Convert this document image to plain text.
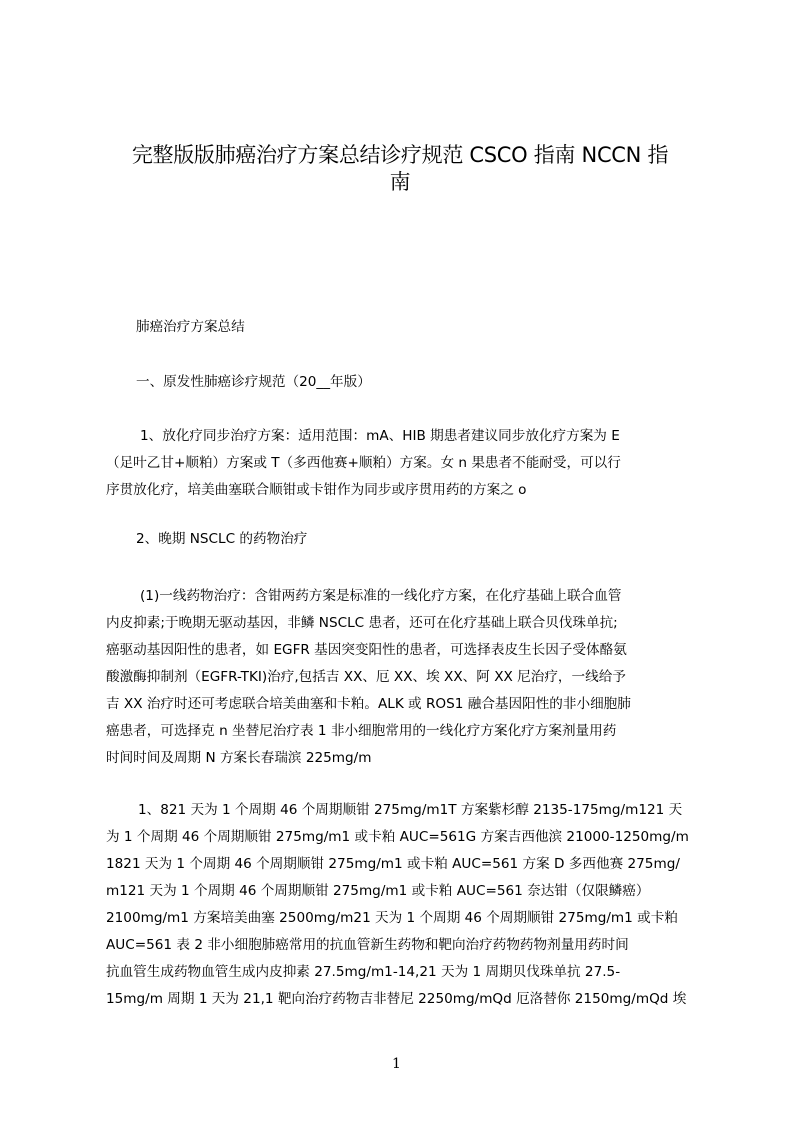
完整版版肺癌治疗方案总结诊疗规范 CSCO 指南 NCCN 指
南
肺癌治疗方案总结
一、原发性肺癌诊疗规范（20__年版）
1、放化疗同步治疗方案：适用范围：mA、HIB 期患者建议同步放化疗方案为 E
（足叶乙甘+顺粕）方案或 T（多西他赛+顺粕）方案。女 n 果患者不能耐受，可以行
序贯放化疗，培美曲塞联合顺钳或卡钳作为同步或序贯用药的方案之 o
2、晚期 NSCLC 的药物治疗
(1)一线药物治疗：含钳两药方案是标准的一线化疗方案，在化疗基础上联合血管
内皮抑素;于晚期无驱动基因，非鳞 NSCLC 患者，还可在化疗基础上联合贝伐珠单抗;
癌驱动基因阳性的患者，如 EGFR 基因突变阳性的患者，可选择表皮生长因子受体酪氨
酸激酶抑制剂（EGFR-TKI)治疗,包括吉 XX、厄 XX、埃 XX、阿 XX 尼治疗，一线给予
吉 XX 治疗时还可考虑联合培美曲塞和卡粕。ALK 或 ROS1 融合基因阳性的非小细胞肺
癌患者，可选择克 n 坐替尼治疗表 1 非小细胞常用的一线化疗方案化疗方案剂量用药
时间时间及周期 N 方案长春瑞滨 225mg/m
1、821 天为 1 个周期 46 个周期顺钳 275mg/m1T 方案紫杉醇 2135-175mg/m121 天
为 1 个周期 46 个周期顺钳 275mg/m1 或卡粕 AUC=561G 方案吉西他滨 21000-1250mg/m
1821 天为 1 个周期 46 个周期顺钳 275mg/m1 或卡粕 AUC=561 方案 D 多西他赛 275mg/
m121 天为 1 个周期 46 个周期顺钳 275mg/m1 或卡粕 AUC=561 奈达钳（仅限鳞癌）
2100mg/m1 方案培美曲塞 2500mg/m21 天为 1 个周期 46 个周期顺钳 275mg/m1 或卡粕
AUC=561 表 2 非小细胞肺癌常用的抗血管新生药物和靶向治疗药物药物剂量用药时间
抗血管生成药物血管生成内皮抑素 27.5mg/m1-14,21 天为 1 周期贝伐珠单抗 27.5-
15mg/m 周期 1 天为 21,1 靶向治疗药物吉非替尼 2250mg/mQd 厄洛替你 2150mg/mQd 埃
1
